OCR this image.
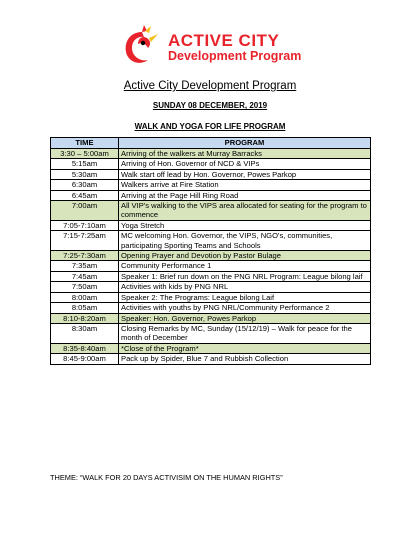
ACTIVE CITY
Development Program
Active City Development Program
SUNDAY 08 DECEMBER, 2019
WALK AND YOGA FOR LIFE PROGRAM
TIME	PROGRAM
3:30 – 5:00am	Arriving of the walkers at Murray Barracks
5:15am	Arriving of Hon. Governor of NCD & VIPs
5:30am	Walk start off lead by Hon. Governor, Powes Parkop
6:30am	Walkers arrive at Fire Station
6:45am	Arriving at the Page Hill Ring Road
7:00am	All VIP's walking to the VIPS area allocated for seating for the program to commence
7:05-7:10am	Yoga Stretch
7:15-7:25am	MC welcoming Hon. Governor, the VIPS, NGO's, communities, participating Sporting Teams and Schools
7:25-7:30am	Opening Prayer and Devotion by Pastor Bulage
7:35am	Community Performance 1
7:45am	Speaker 1: Brief run down on the PNG NRL Program: League bilong laif
7:50am	Activities with kids by PNG NRL
8:00am	Speaker 2: The Programs: League bilong Laif
8:05am	Activities with youths by PNG NRL/Community Performance 2
8:10-8:20am	Speaker: Hon. Governor, Powes Parkop
8:30am	Closing Remarks by MC, Sunday (15/12/19) – Walk for peace for the month of December
8:35-8:40am	*Close of the Program*
8:45-9:00am	Pack up by Spider, Blue 7 and Rubbish Collection
THEME: “WALK FOR 20 DAYS ACTIVISIM ON THE HUMAN RIGHTS”
